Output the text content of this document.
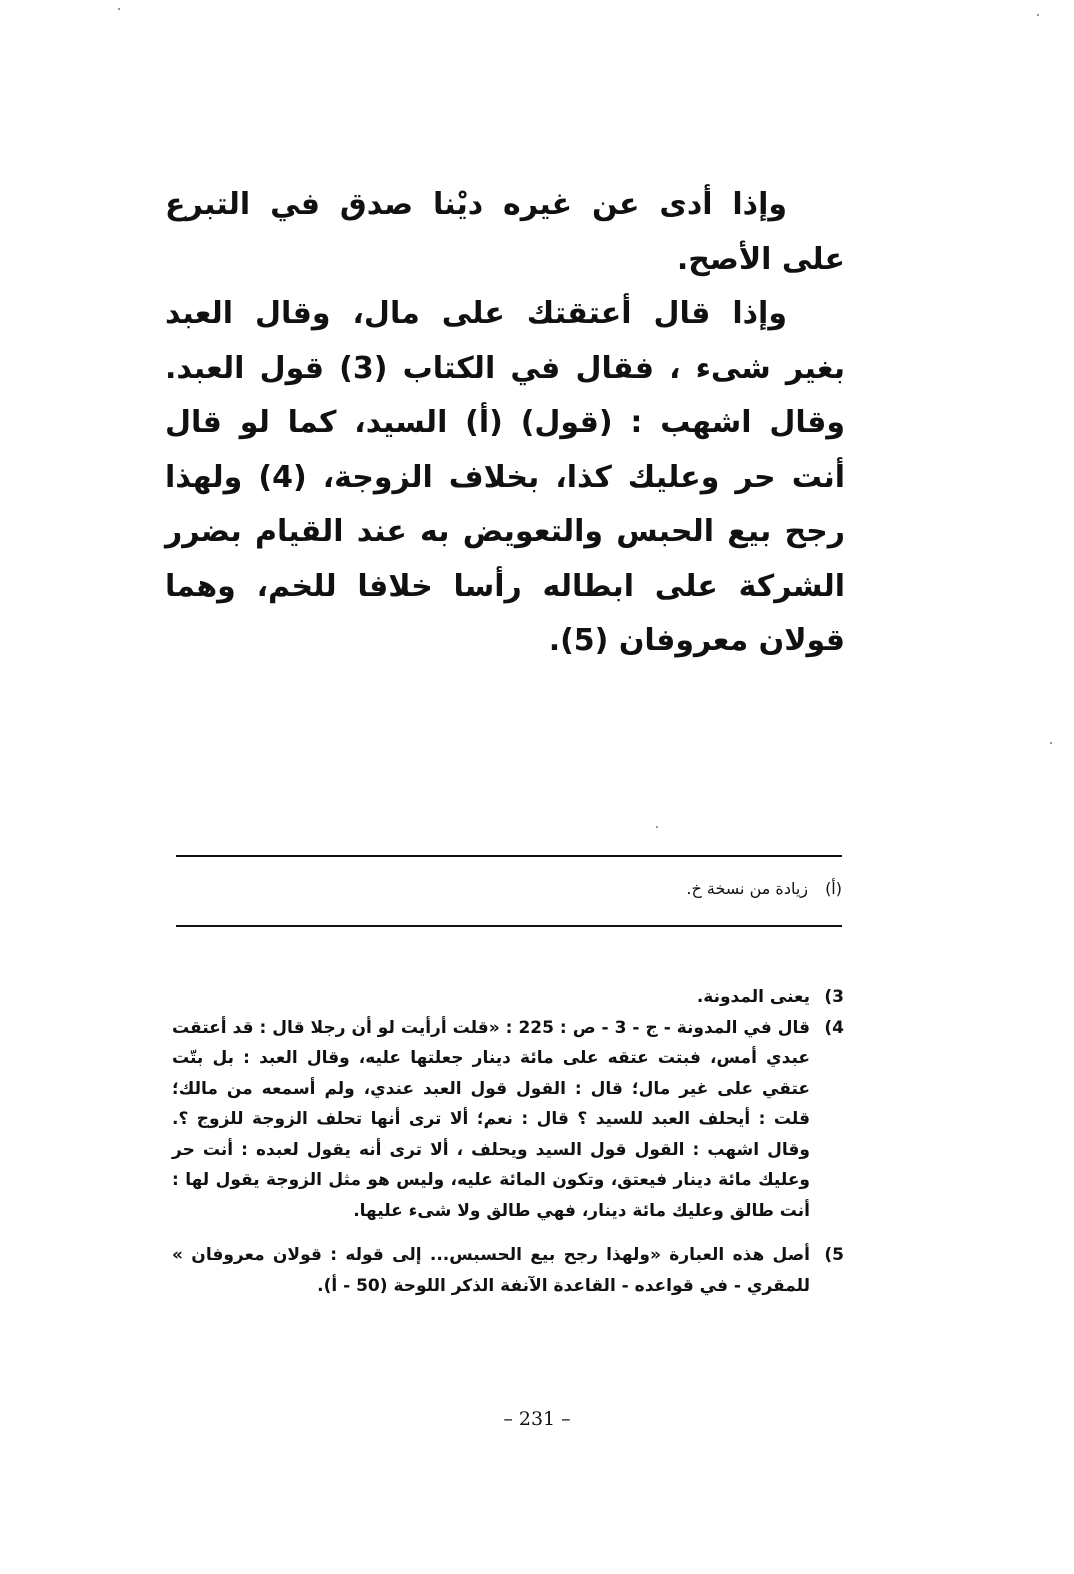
وإذا أدى عن غيره ديْنا صدق في التبرع على الأصح.

وإذا قال أعتقتك على مال، وقال العبد بغير شىء ، فقال في الكتاب (3) قول العبد. وقال اشهب : (قول) (أ) السيد، كما لو قال أنت حر وعليك كذا، بخلاف الزوجة، (4) ولهذا رجح بيع الحبس والتعويض به عند القيام بضرر الشركة على ابطاله رأسا خلافا للخم، وهما قولان معروفان (5).

(أ)زيادة من نسخة خ.
3)
يعنى المدونة.
4)
قال في المدونة - ج - 3 - ص : 225 : «قلت أرأيت لو أن رجلا قال : قد أعتقت عبدي أمس، فبتت عتقه على مائة دينار جعلتها عليه، وقال العبد : بل بتّت عتقي على غير مال؛ قال : القول قول العبد عندي، ولم أسمعه من مالك؛ قلت : أيحلف العبد للسيد ؟ قال : نعم؛ ألا ترى أنها تحلف الزوجة للزوج ؟. وقال اشهب : القول قول السيد ويحلف ، ألا ترى أنه يقول لعبده : أنت حر وعليك مائة دينار فيعتق، وتكون المائة عليه، وليس هو مثل الزوجة يقول لها : أنت طالق وعليك مائة دينار، فهي طالق ولا شىء عليها.
5)
أصل هذه العبارة «ولهذا رجح بيع الحسبس... إلى قوله : قولان معروفان » للمقري - في قواعده - القاعدة الآنفة الذكر اللوحة (50 - أ).
– 231 –
